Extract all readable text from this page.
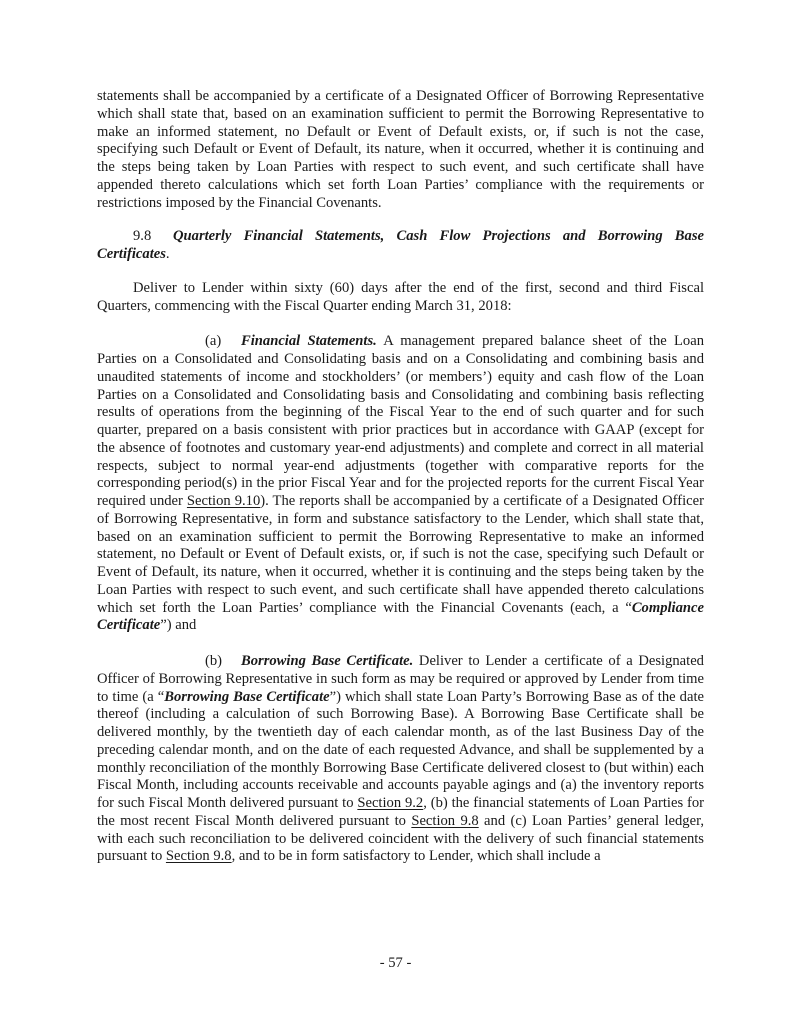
statements shall be accompanied by a certificate of a Designated Officer of Borrowing Representative which shall state that, based on an examination sufficient to permit the Borrowing Representative to make an informed statement, no Default or Event of Default exists, or, if such is not the case, specifying such Default or Event of Default, its nature, when it occurred, whether it is continuing and the steps being taken by Loan Parties with respect to such event, and such certificate shall have appended thereto calculations which set forth Loan Parties’ compliance with the requirements or restrictions imposed by the Financial Covenants.

9.8 Quarterly Financial Statements, Cash Flow Projections and Borrowing Base Certificates.

Deliver to Lender within sixty (60) days after the end of the first, second and third Fiscal Quarters, commencing with the Fiscal Quarter ending March 31, 2018:

(a) Financial Statements. A management prepared balance sheet of the Loan Parties on a Consolidated and Consolidating basis and on a Consolidating and combining basis and unaudited statements of income and stockholders’ (or members’) equity and cash flow of the Loan Parties on a Consolidated and Consolidating basis and Consolidating and combining basis reflecting results of operations from the beginning of the Fiscal Year to the end of such quarter and for such quarter, prepared on a basis consistent with prior practices but in accordance with GAAP (except for the absence of footnotes and customary year-end adjustments) and complete and correct in all material respects, subject to normal year-end adjustments (together with comparative reports for the corresponding period(s) in the prior Fiscal Year and for the projected reports for the current Fiscal Year required under Section 9.10). The reports shall be accompanied by a certificate of a Designated Officer of Borrowing Representative, in form and substance satisfactory to the Lender, which shall state that, based on an examination sufficient to permit the Borrowing Representative to make an informed statement, no Default or Event of Default exists, or, if such is not the case, specifying such Default or Event of Default, its nature, when it occurred, whether it is continuing and the steps being taken by the Loan Parties with respect to such event, and such certificate shall have appended thereto calculations which set forth the Loan Parties’ compliance with the Financial Covenants (each, a “Compliance Certificate”) and

(b) Borrowing Base Certificate. Deliver to Lender a certificate of a Designated Officer of Borrowing Representative in such form as may be required or approved by Lender from time to time (a “Borrowing Base Certificate”) which shall state Loan Party’s Borrowing Base as of the date thereof (including a calculation of such Borrowing Base). A Borrowing Base Certificate shall be delivered monthly, by the twentieth day of each calendar month, as of the last Business Day of the preceding calendar month, and on the date of each requested Advance, and shall be supplemented by a monthly reconciliation of the monthly Borrowing Base Certificate delivered closest to (but within) each Fiscal Month, including accounts receivable and accounts payable agings and (a) the inventory reports for such Fiscal Month delivered pursuant to Section 9.2, (b) the financial statements of Loan Parties for the most recent Fiscal Month delivered pursuant to Section 9.8 and (c) Loan Parties’ general ledger, with each such reconciliation to be delivered coincident with the delivery of such financial statements pursuant to Section 9.8, and to be in form satisfactory to Lender, which shall include a

- 57 -
